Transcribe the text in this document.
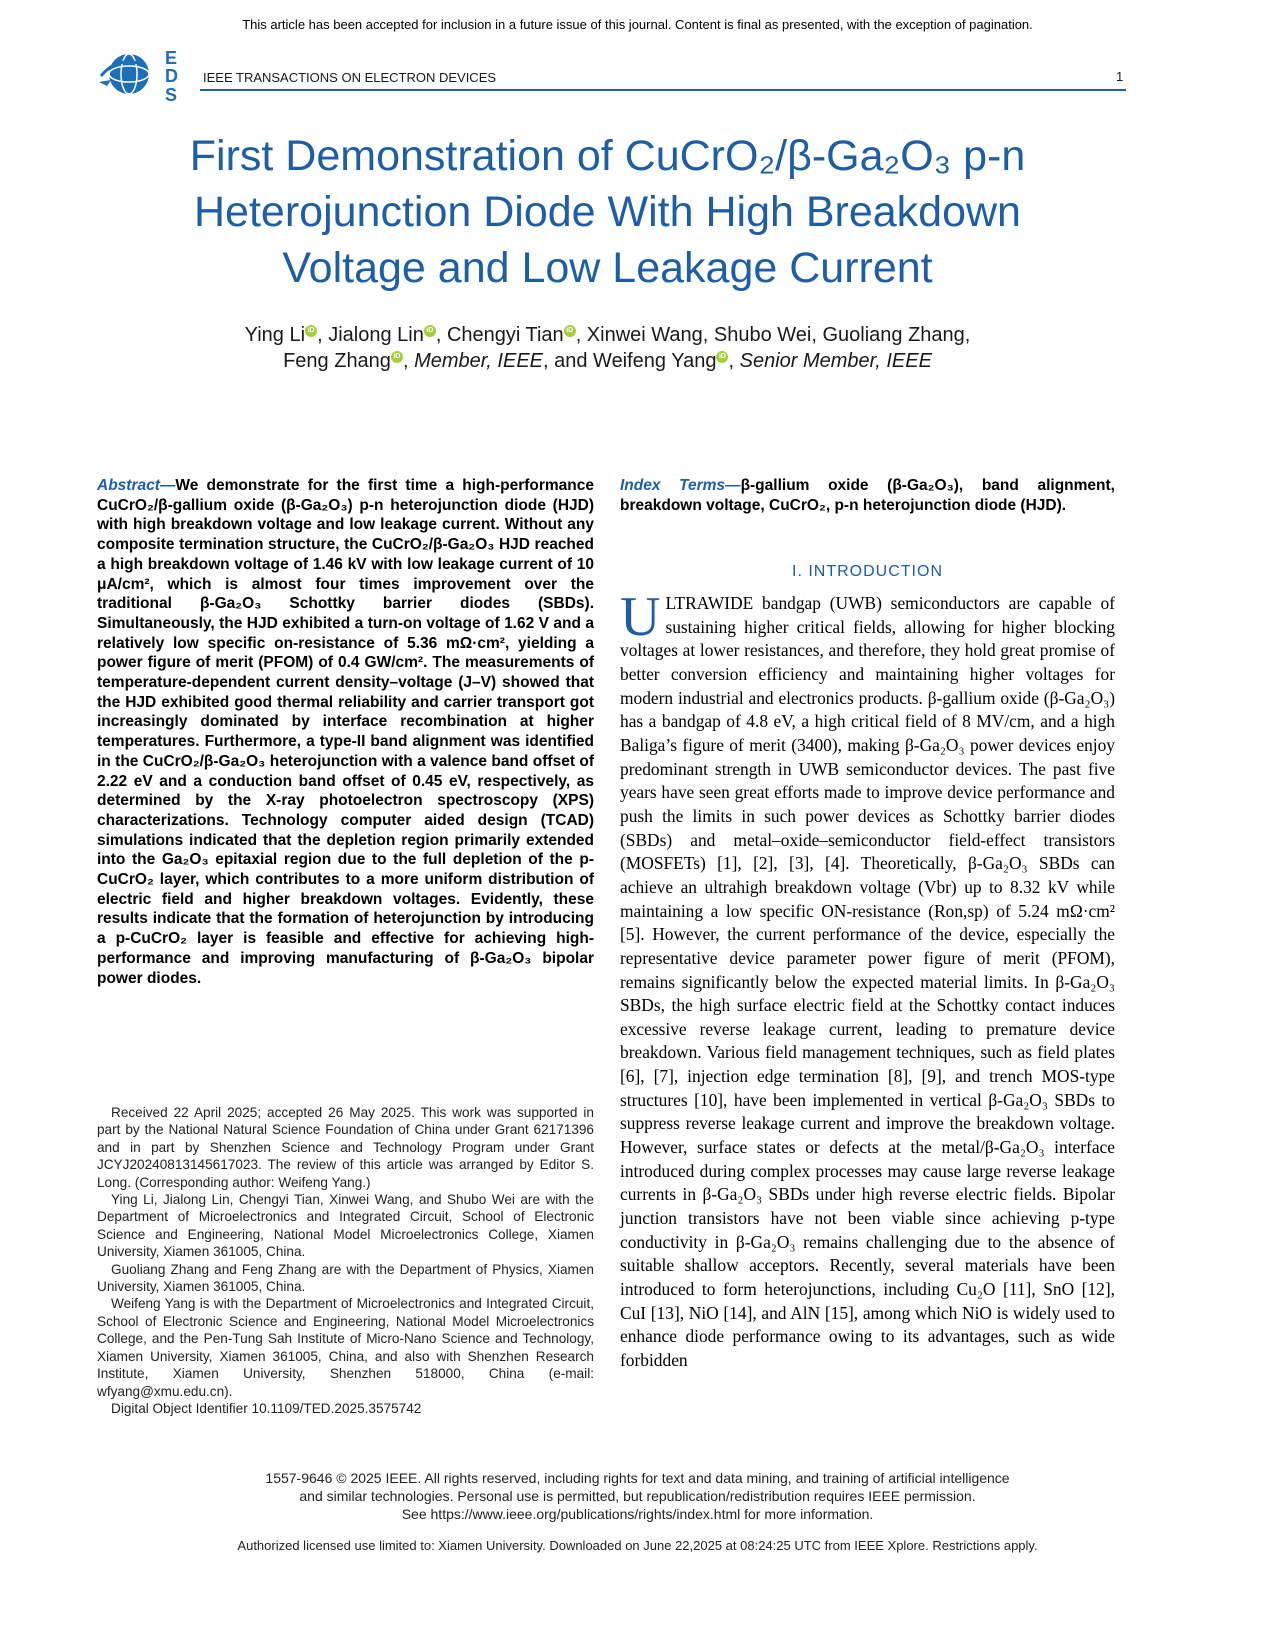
This article has been accepted for inclusion in a future issue of this journal. Content is final as presented, with the exception of pagination.
E
D
S
IEEE TRANSACTIONS ON ELECTRON DEVICES	1
First Demonstration of CuCrO₂/β-Ga₂O₃ p-n
Heterojunction Diode With High Breakdown
Voltage and Low Leakage Current
Ying Li iD , Jialong Lin iD , Chengyi Tian iD , Xinwei Wang, Shubo Wei, Guoliang Zhang,
Feng Zhang iD , Member, IEEE, and Weifeng Yang iD , Senior Member, IEEE
Abstract—We demonstrate for the first time a high-performance CuCrO₂/β-gallium oxide (β-Ga₂O₃) p-n heterojunction diode (HJD) with high breakdown voltage and low leakage current. Without any composite termination structure, the CuCrO₂/β-Ga₂O₃ HJD reached a high breakdown voltage of 1.46 kV with low leakage current of 10 μA/cm², which is almost four times improvement over the traditional β-Ga₂O₃ Schottky barrier diodes (SBDs). Simultaneously, the HJD exhibited a turn-on voltage of 1.62 V and a relatively low specific on-resistance of 5.36 mΩ·cm², yielding a power figure of merit (PFOM) of 0.4 GW/cm². The measurements of temperature-dependent current density–voltage (J–V) showed that the HJD exhibited good thermal reliability and carrier transport got increasingly dominated by interface recombination at higher temperatures. Furthermore, a type-II band alignment was identified in the CuCrO₂/β-Ga₂O₃ heterojunction with a valence band offset of 2.22 eV and a conduction band offset of 0.45 eV, respectively, as determined by the X-ray photoelectron spectroscopy (XPS) characterizations. Technology computer aided design (TCAD) simulations indicated that the depletion region primarily extended into the Ga₂O₃ epitaxial region due to the full depletion of the p-CuCrO₂ layer, which contributes to a more uniform distribution of electric field and higher breakdown voltages. Evidently, these results indicate that the formation of heterojunction by introducing a p-CuCrO₂ layer is feasible and effective for achieving high-performance and improving manufacturing of β-Ga₂O₃ bipolar power diodes.

Received 22 April 2025; accepted 26 May 2025. This work was supported in part by the National Natural Science Foundation of China under Grant 62171396 and in part by Shenzhen Science and Technology Program under Grant JCYJ20240813145617023. The review of this article was arranged by Editor S. Long. (Corresponding author: Weifeng Yang.)

Ying Li, Jialong Lin, Chengyi Tian, Xinwei Wang, and Shubo Wei are with the Department of Microelectronics and Integrated Circuit, School of Electronic Science and Engineering, National Model Microelectronics College, Xiamen University, Xiamen 361005, China.

Guoliang Zhang and Feng Zhang are with the Department of Physics, Xiamen University, Xiamen 361005, China.

Weifeng Yang is with the Department of Microelectronics and Integrated Circuit, School of Electronic Science and Engineering, National Model Microelectronics College, and the Pen-Tung Sah Institute of Micro-Nano Science and Technology, Xiamen University, Xiamen 361005, China, and also with Shenzhen Research Institute, Xiamen University, Shenzhen 518000, China (e-mail: wfyang@xmu.edu.cn).

Digital Object Identifier 10.1109/TED.2025.3575742

Index Terms—β-gallium oxide (β-Ga₂O₃), band alignment, breakdown voltage, CuCrO₂, p-n heterojunction diode (HJD).
I. INTRODUCTION
ULTRAWIDE bandgap (UWB) semiconductors are capable of sustaining higher critical fields, allowing for higher blocking voltages at lower resistances, and therefore, they hold great promise of better conversion efficiency and maintaining higher voltages for modern industrial and electronics products. β-gallium oxide (β-Ga₂O₃) has a bandgap of 4.8 eV, a high critical field of 8 MV/cm, and a high Baliga’s figure of merit (3400), making β-Ga₂O₃ power devices enjoy predominant strength in UWB semiconductor devices. The past five years have seen great efforts made to improve device performance and push the limits in such power devices as Schottky barrier diodes (SBDs) and metal–oxide–semiconductor field-effect transistors (MOSFETs) [1], [2], [3], [4]. Theoretically, β-Ga₂O₃ SBDs can achieve an ultrahigh breakdown voltage (Vbr) up to 8.32 kV while maintaining a low specific ON-resistance (Ron,sp) of 5.24 mΩ·cm² [5]. However, the current performance of the device, especially the representative device parameter power figure of merit (PFOM), remains significantly below the expected material limits. In β-Ga₂O₃ SBDs, the high surface electric field at the Schottky contact induces excessive reverse leakage current, leading to premature device breakdown. Various field management techniques, such as field plates [6], [7], injection edge termination [8], [9], and trench MOS-type structures [10], have been implemented in vertical β-Ga₂O₃ SBDs to suppress reverse leakage current and improve the breakdown voltage. However, surface states or defects at the metal/β-Ga₂O₃ interface introduced during complex processes may cause large reverse leakage currents in β-Ga₂O₃ SBDs under high reverse electric fields. Bipolar junction transistors have not been viable since achieving p-type conductivity in β-Ga₂O₃ remains challenging due to the absence of suitable shallow acceptors. Recently, several materials have been introduced to form heterojunctions, including Cu₂O [11], SnO [12], CuI [13], NiO [14], and AlN [15], among which NiO is widely used to enhance diode performance owing to its advantages, such as wide forbidden
1557-9646 © 2025 IEEE. All rights reserved, including rights for text and data mining, and training of artificial intelligence
and similar technologies. Personal use is permitted, but republication/redistribution requires IEEE permission.
See https://www.ieee.org/publications/rights/index.html for more information.
Authorized licensed use limited to: Xiamen University. Downloaded on June 22,2025 at 08:24:25 UTC from IEEE Xplore. Restrictions apply.
